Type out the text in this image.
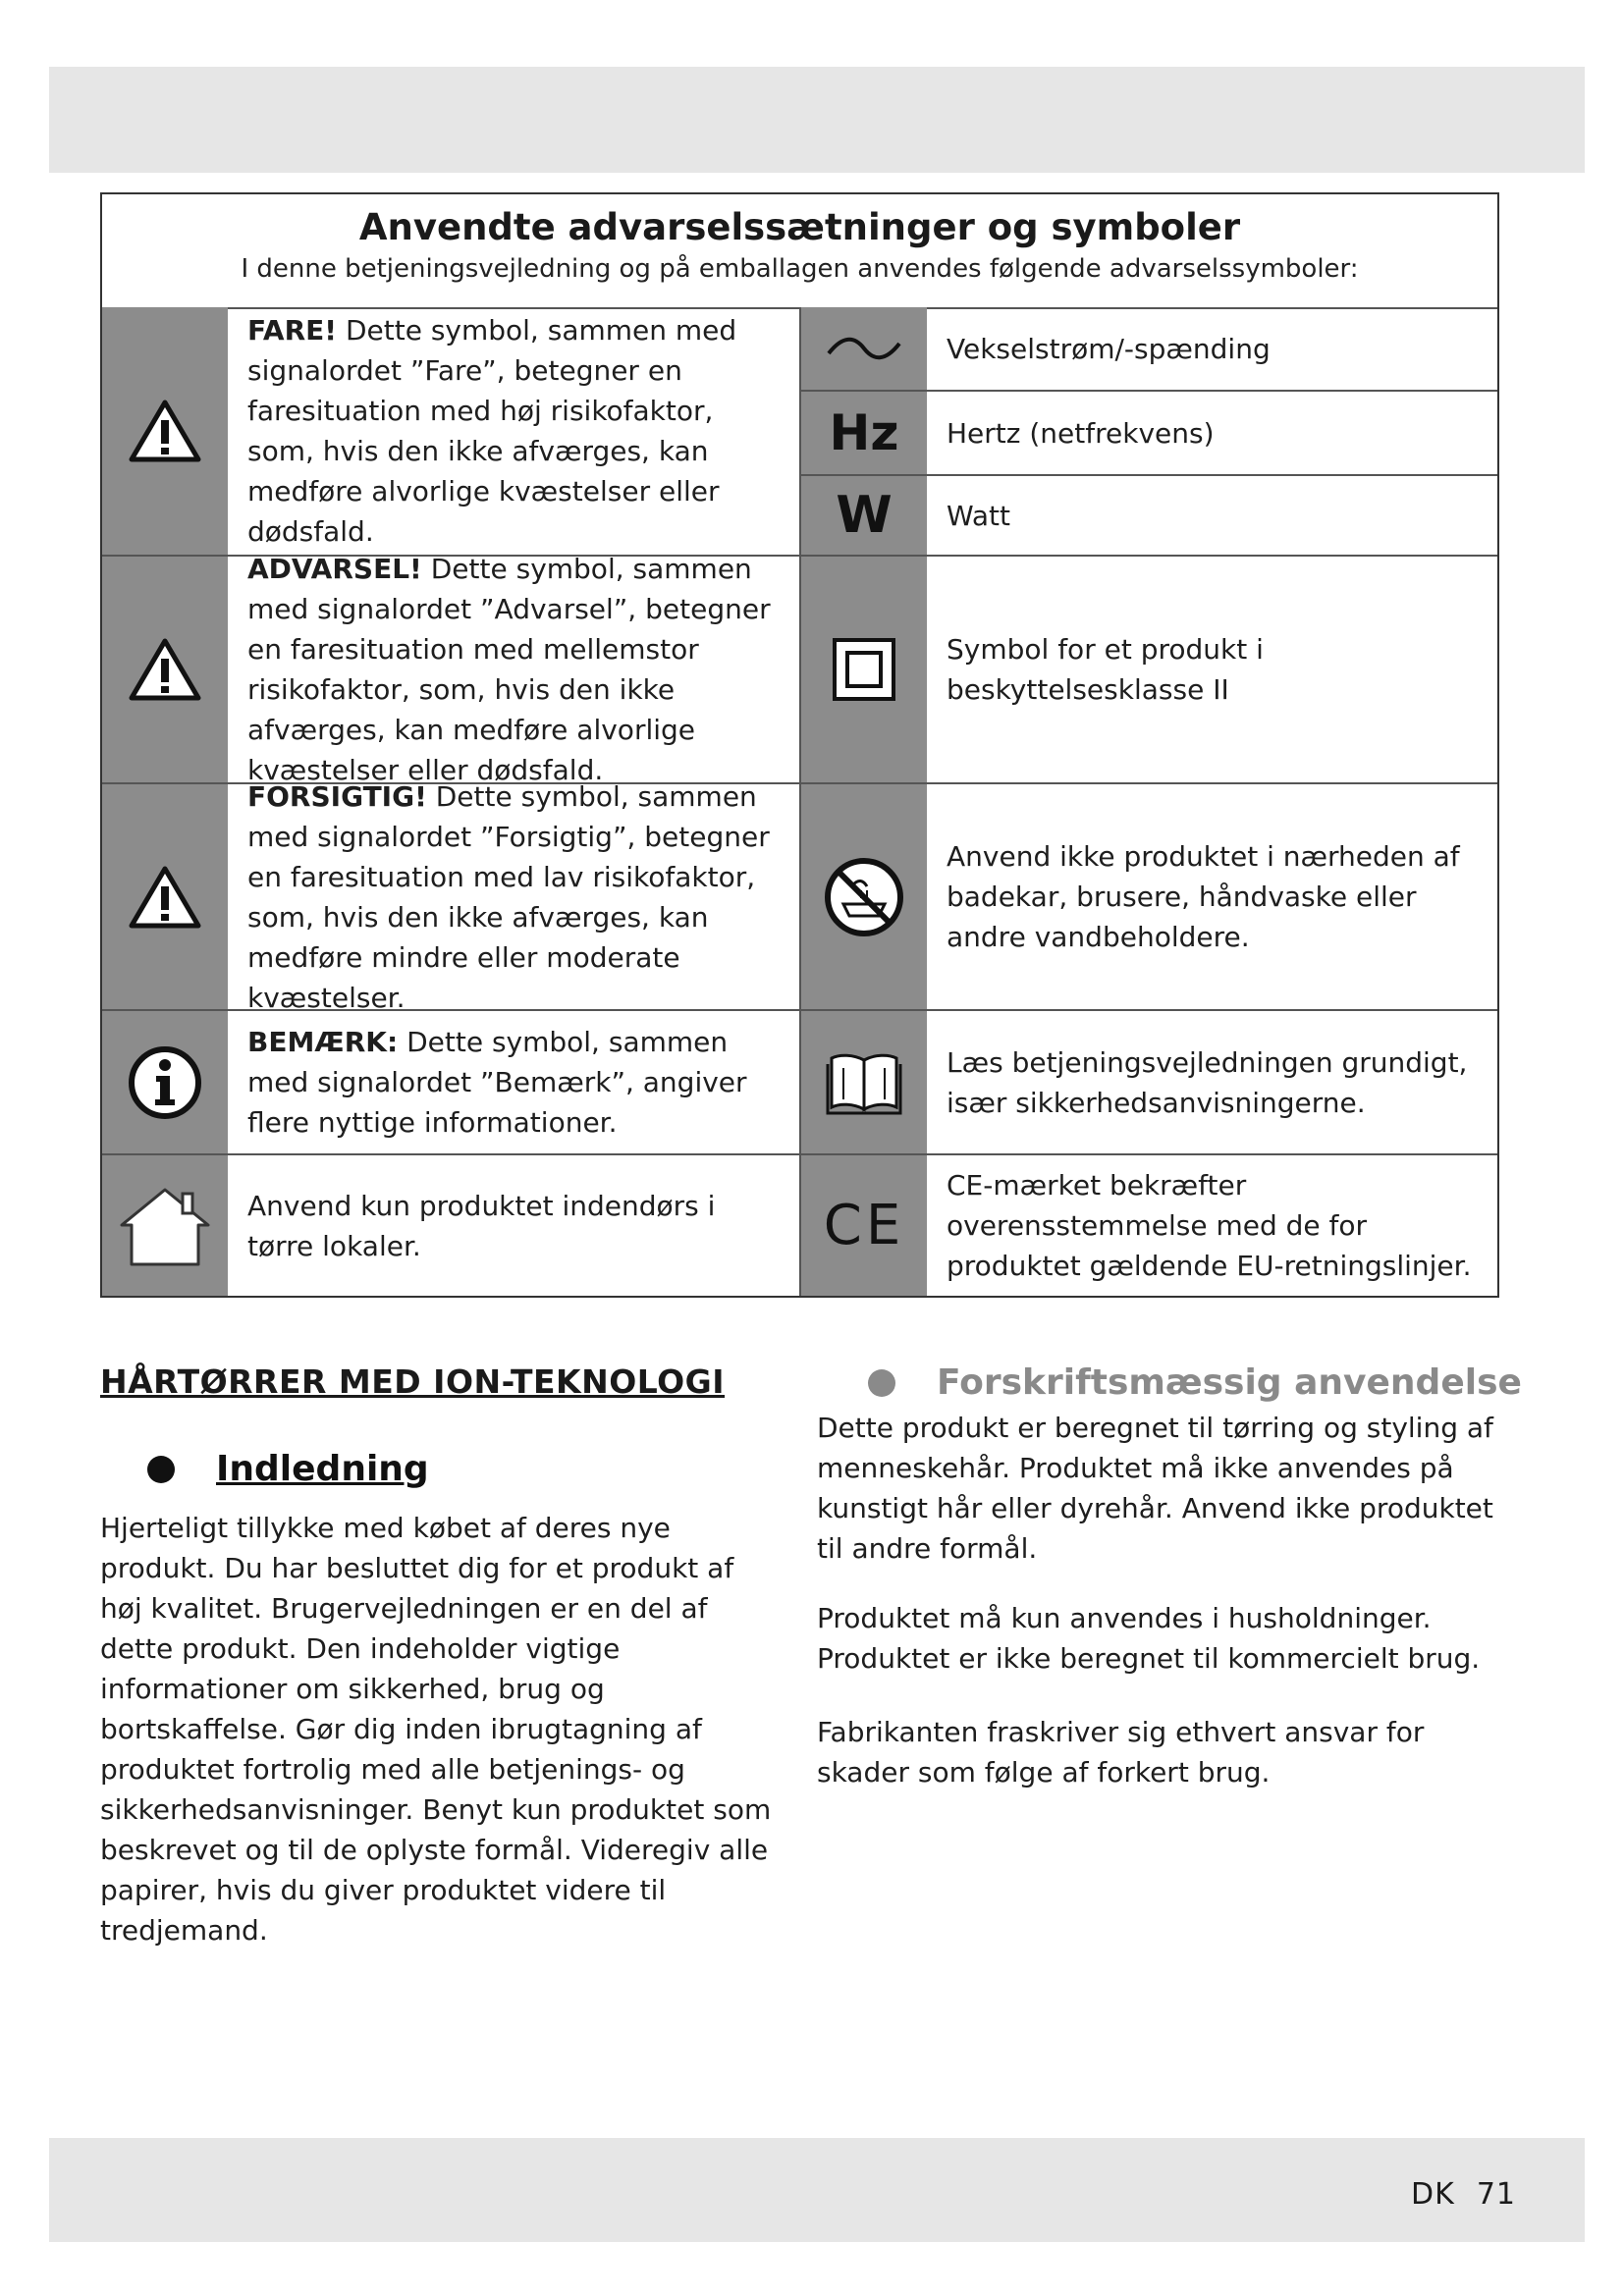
Anvendte advarselssætninger og symboler
I denne betjeningsvejledning og på emballagen anvendes følgende advarselssymboler:
FARE! Dette symbol, sammen med signalordet ”Fare”, betegner en faresituation med høj risikofaktor, som, hvis den ikke afværges, kan medføre alvorlige kvæstelser eller dødsfald.
ADVARSEL! Dette symbol, sammen med signalordet ”Advarsel”, betegner en faresituation med mellemstor risikofaktor, som, hvis den ikke afværges, kan medføre alvorlige kvæstelser eller dødsfald.
FORSIGTIG! Dette symbol, sammen med signalordet ”Forsigtig”, betegner en faresituation med lav risikofaktor, som, hvis den ikke afværges, kan medføre mindre eller moderate kvæstelser.
BEMÆRK: Dette symbol, sammen med signalordet ”Bemærk”, angiver flere nyttige informationer.
Anvend kun produktet indendørs i tørre lokaler.
Vekselstrøm/-spænding
Hz Hertz (netfrekvens)
W Watt
Symbol for et produkt i beskyttelsesklasse II
Anvend ikke produktet i nærheden af badekar, brusere, håndvaske eller andre vandbeholdere.
Læs betjeningsvejledningen grundigt, især sikkerhedsanvisningerne.
CE
CE-mærket bekræfter overensstemmelse med de for produktet gældende EU-retningslinjer.
HÅRTØRRER MED ION-TEKNOLOGI
Indledning
Hjerteligt tillykke med købet af deres nye produkt. Du har besluttet dig for et produkt af høj kvalitet. Brugervejledningen er en del af dette produkt. Den indeholder vigtige informationer om sikkerhed, brug og bortskaffelse. Gør dig inden ibrugtagning af produktet fortrolig med alle betjenings- og sikkerhedsanvisninger. Benyt kun produktet som beskrevet og til de oplyste formål. Videregiv alle papirer, hvis du giver produktet videre til tredjemand.
Forskriftsmæssig anvendelse
Dette produkt er beregnet til tørring og styling af menneskehår. Produktet må ikke anvendes på kunstigt hår eller dyrehår. Anvend ikke produktet til andre formål.
Produktet må kun anvendes i husholdninger. Produktet er ikke beregnet til kommercielt brug.
Fabrikanten fraskriver sig ethvert ansvar for skader som følge af forkert brug.
DK 71
